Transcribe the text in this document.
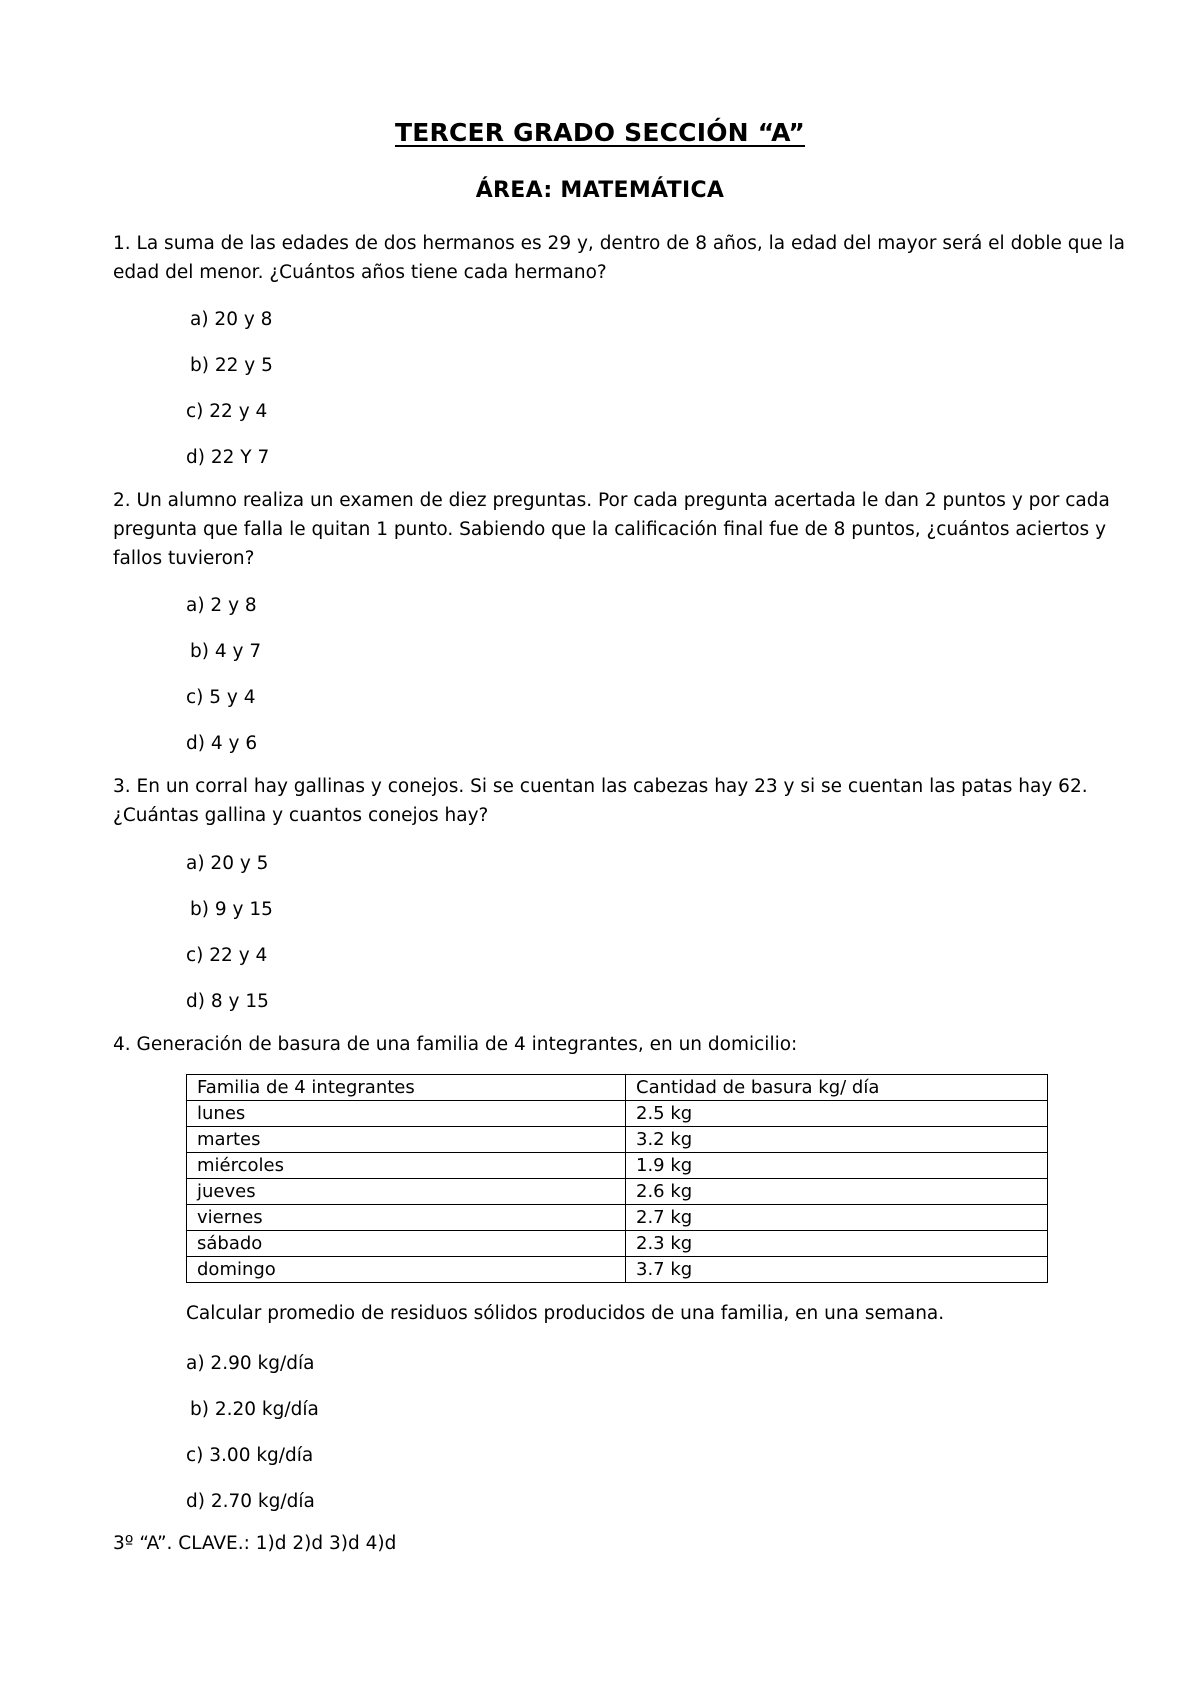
TERCER GRADO SECCIÓN “A”
ÁREA: MATEMÁTICA
1. La suma de las edades de dos hermanos es 29 y, dentro de 8 años, la edad del mayor será el doble que la edad del menor. ¿Cuántos años tiene cada hermano?
a) 20 y 8
b) 22 y 5
c) 22 y 4
d) 22 Y 7
2. Un alumno realiza un examen de diez preguntas. Por cada pregunta acertada le dan 2 puntos y por cada pregunta que falla le quitan 1 punto. Sabiendo que la calificación final fue de 8 puntos, ¿cuántos aciertos y fallos tuvieron?
a) 2 y 8
b) 4 y 7
c) 5 y 4
d) 4 y 6
3. En un corral hay gallinas y conejos. Si se cuentan las cabezas hay 23 y si se cuentan las patas hay 62. ¿Cuántas gallina y cuantos conejos hay?
a) 20 y 5
b) 9 y 15
c) 22 y 4
d) 8 y 15
4. Generación de basura de una familia de 4 integrantes, en un domicilio:
Familia de 4 integrantes	Cantidad de basura kg/ día
lunes	2.5 kg
martes	3.2 kg
miércoles	1.9 kg
jueves	2.6 kg
viernes	2.7 kg
sábado	2.3 kg
domingo	3.7 kg
Calcular promedio de residuos sólidos producidos de una familia, en una semana.
a) 2.90 kg/día
b) 2.20 kg/día
c) 3.00 kg/día
d) 2.70 kg/día
3º “A”. CLAVE.: 1)d 2)d 3)d 4)d
